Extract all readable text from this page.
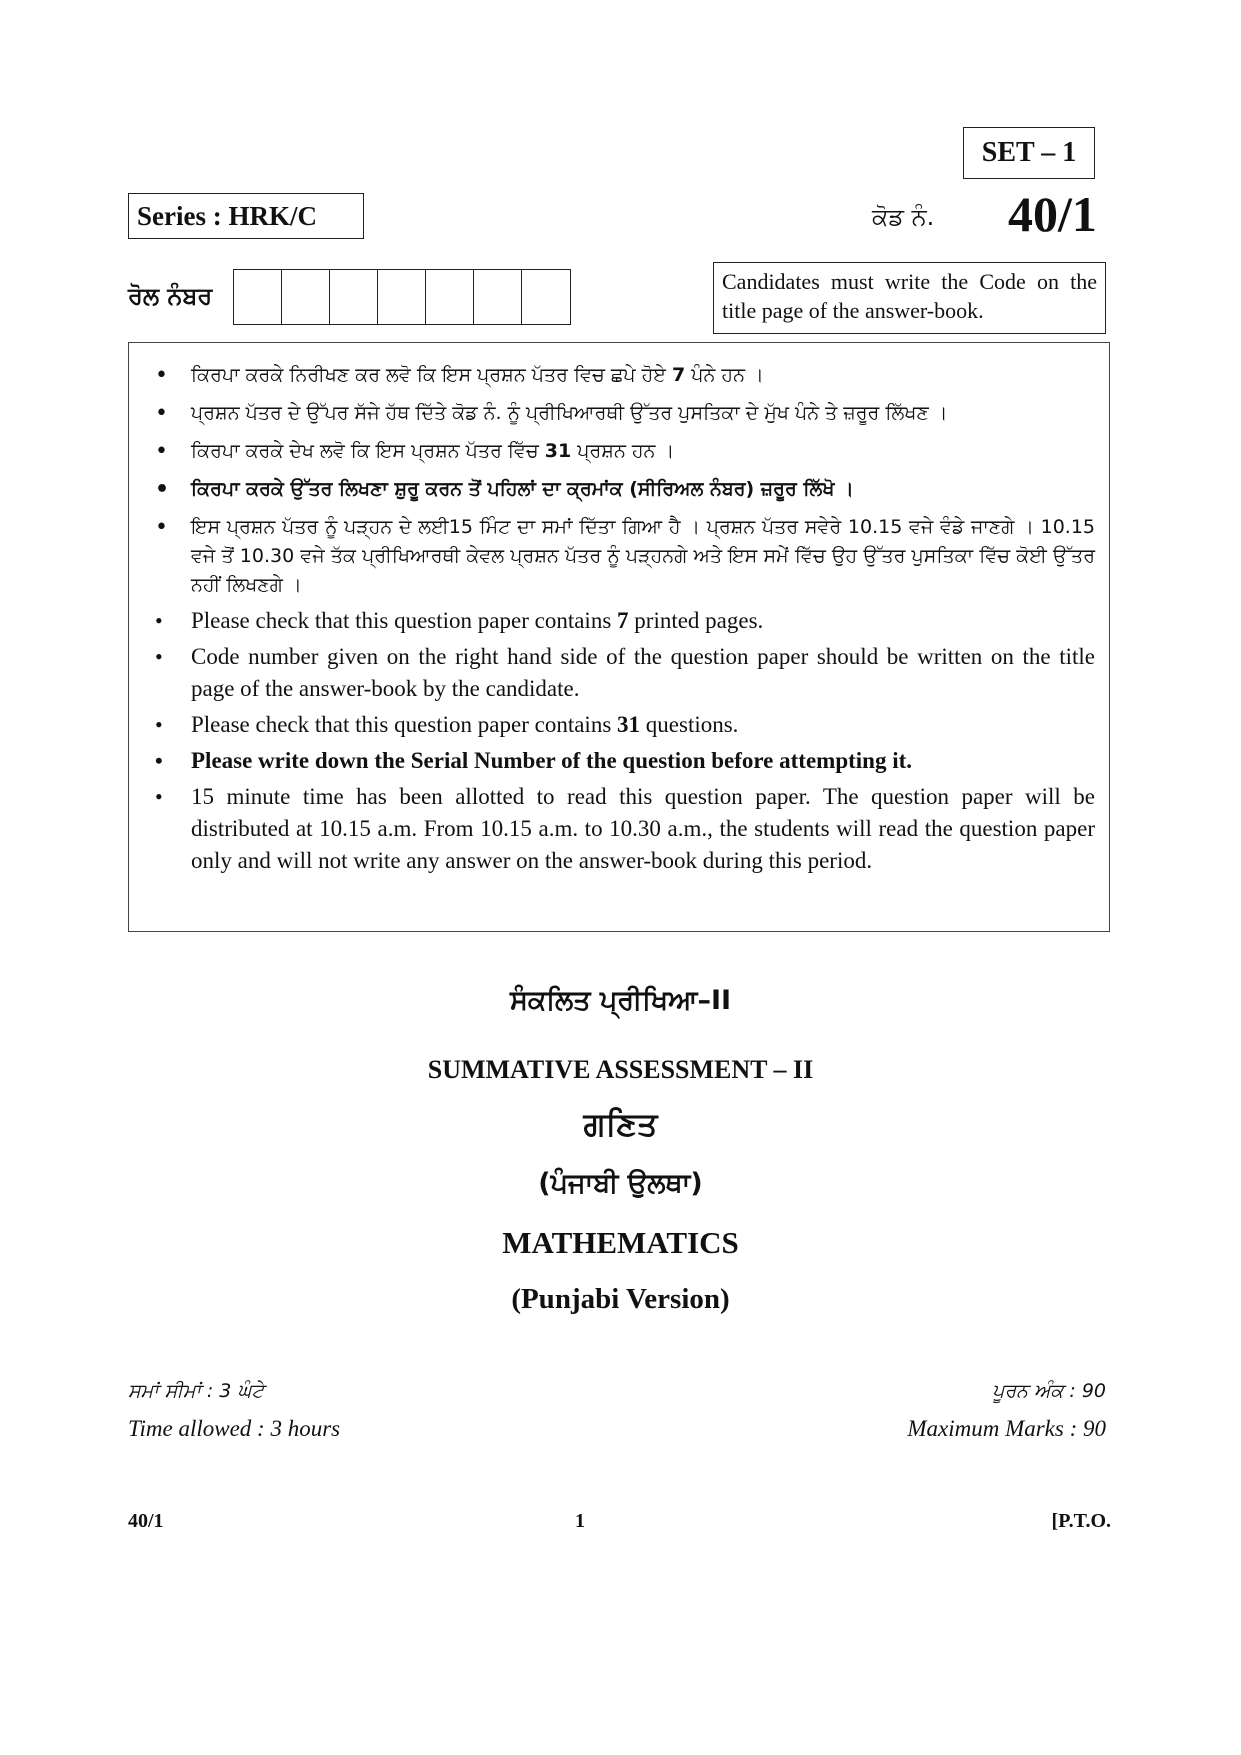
SET – 1
Series : HRK/C	ਕੋਡ ਨੰ. 40/1
ਰੋਲ ਨੰਬਰ
Candidates must write the Code on the title page of the answer-book.
• ਕਿਰਪਾ ਕਰਕੇ ਨਿਰੀਖਣ ਕਰ ਲਵੋ ਕਿ ਇਸ ਪ੍ਰਸ਼ਨ ਪੱਤਰ ਵਿਚ ਛਪੇ ਹੋਏ 7 ਪੰਨੇ ਹਨ ।
• ਪ੍ਰਸ਼ਨ ਪੱਤਰ ਦੇ ਉੱਪਰ ਸੱਜੇ ਹੱਥ ਦਿੱਤੇ ਕੋਡ ਨੰ. ਨੂੰ ਪ੍ਰੀਖਿਆਰਥੀ ਉੱਤਰ ਪੁਸਤਿਕਾ ਦੇ ਮੁੱਖ ਪੰਨੇ ਤੇ ਜ਼ਰੂਰ ਲਿੱਖਣ ।
• ਕਿਰਪਾ ਕਰਕੇ ਦੇਖ ਲਵੋ ਕਿ ਇਸ ਪ੍ਰਸ਼ਨ ਪੱਤਰ ਵਿੱਚ 31 ਪ੍ਰਸ਼ਨ ਹਨ ।
• ਕਿਰਪਾ ਕਰਕੇ ਉੱਤਰ ਲਿਖਣਾ ਸ਼ੁਰੂ ਕਰਨ ਤੋਂ ਪਹਿਲਾਂ ਦਾ ਕ੍ਰਮਾਂਕ (ਸੀਰਿਅਲ ਨੰਬਰ) ਜ਼ਰੂਰ ਲਿੱਖੋ ।
• ਇਸ ਪ੍ਰਸ਼ਨ ਪੱਤਰ ਨੂੰ ਪੜ੍ਹਨ ਦੇ ਲਈ15 ਮਿੰਟ ਦਾ ਸਮਾਂ ਦਿੱਤਾ ਗਿਆ ਹੈ । ਪ੍ਰਸ਼ਨ ਪੱਤਰ ਸਵੇਰੇ 10.15 ਵਜੇ ਵੰਡੇ ਜਾਣਗੇ । 10.15 ਵਜੇ ਤੋਂ 10.30 ਵਜੇ ਤੱਕ ਪ੍ਰੀਖਿਆਰਥੀ ਕੇਵਲ ਪ੍ਰਸ਼ਨ ਪੱਤਰ ਨੂੰ ਪੜ੍ਹਨਗੇ ਅਤੇ ਇਸ ਸਮੇਂ ਵਿੱਚ ਉਹ ਉੱਤਰ ਪੁਸਤਿਕਾ ਵਿੱਚ ਕੋਈ ਉੱਤਰ ਨਹੀਂ ਲਿਖਣਗੇ ।
• Please check that this question paper contains 7 printed pages.
• Code number given on the right hand side of the question paper should be written on the title page of the answer-book by the candidate.
• Please check that this question paper contains 31 questions.
• Please write down the Serial Number of the question before attempting it.
• 15 minute time has been allotted to read this question paper. The question paper will be distributed at 10.15 a.m. From 10.15 a.m. to 10.30 a.m., the students will read the question paper only and will not write any answer on the answer-book during this period.
ਸੰਕਲਿਤ ਪ੍ਰੀਖਿਆ–II
SUMMATIVE ASSESSMENT – II
ਗਣਿਤ
(ਪੰਜਾਬੀ ਉਲਥਾ)
MATHEMATICS
(Punjabi Version)
ਸਮਾਂ ਸੀਮਾਂ : 3 ਘੰਟੇ
Time allowed : 3 hours
ਪੂਰਨ ਅੰਕ : 90
Maximum Marks : 90
40/1	1	[P.T.O.
